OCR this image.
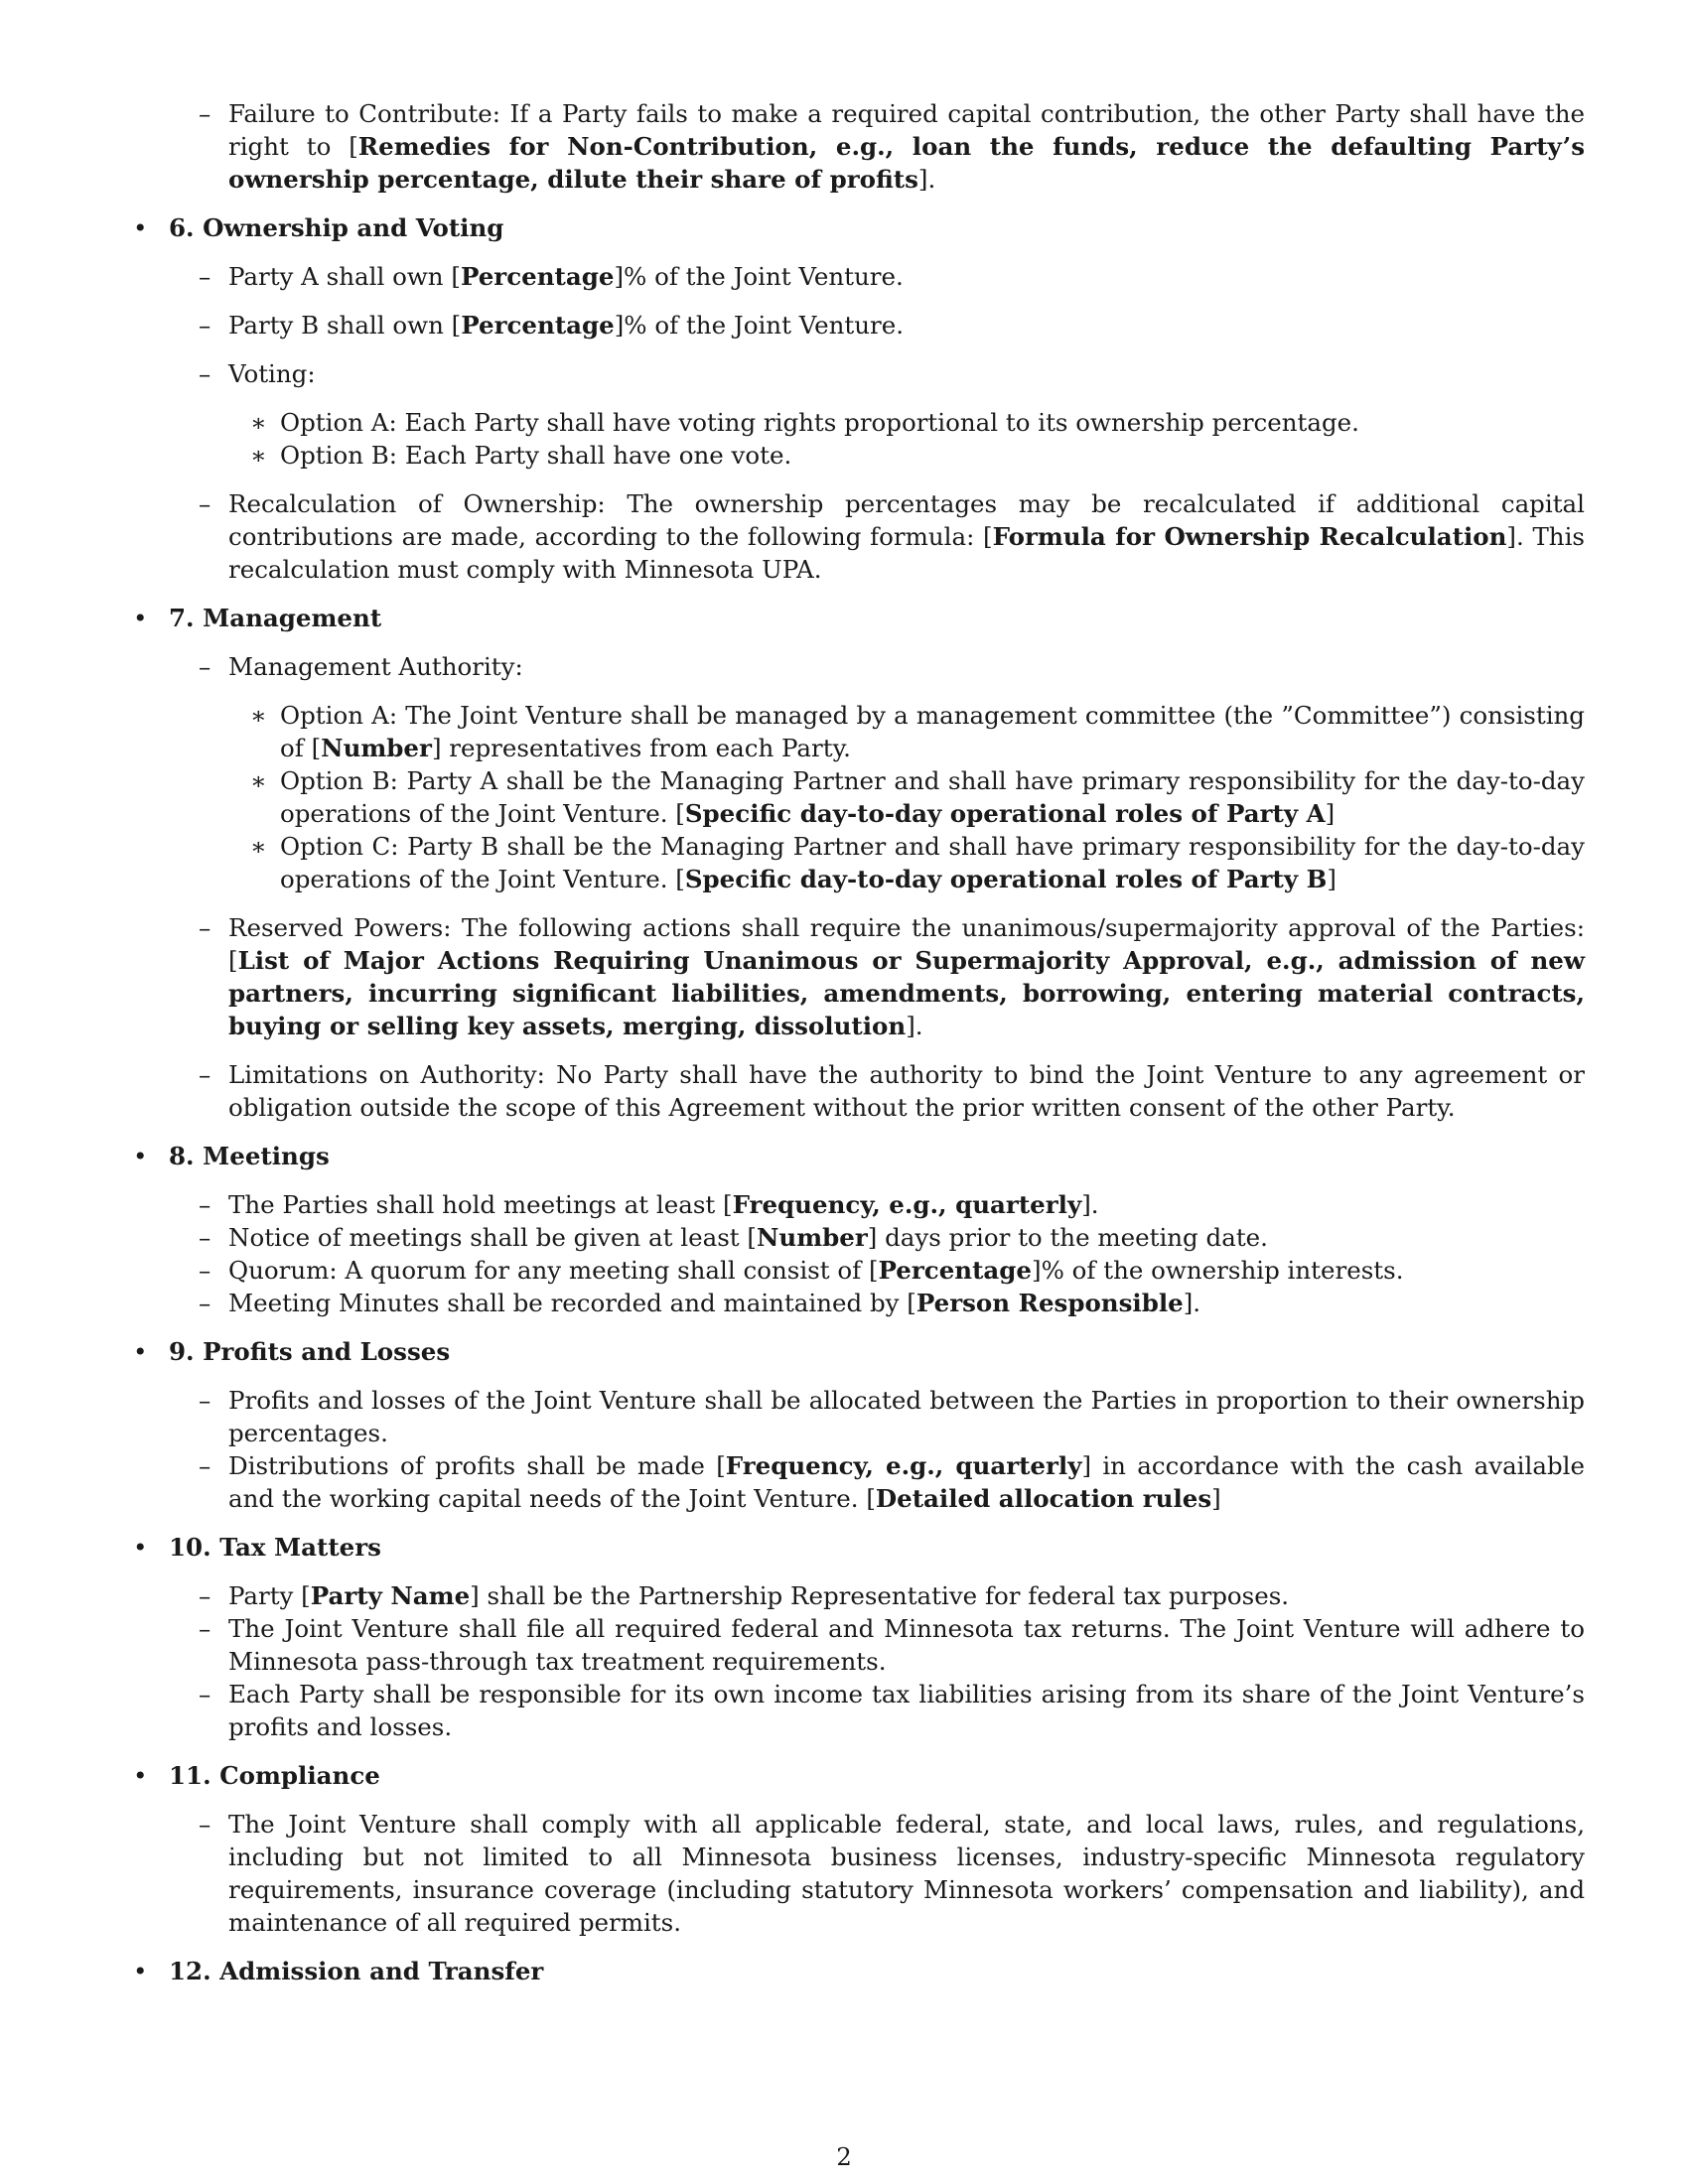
– Failure to Contribute: If a Party fails to make a required capital contribution, the other Party shall have the right to [Remedies for Non-Contribution, e.g., loan the funds, reduce the defaulting Party’s ownership percentage, dilute their share of profits].
• 6. Ownership and Voting
– Party A shall own [Percentage]% of the Joint Venture.
– Party B shall own [Percentage]% of the Joint Venture.
– Voting:
∗ Option A: Each Party shall have voting rights proportional to its ownership percentage.
∗ Option B: Each Party shall have one vote.
– Recalculation of Ownership: The ownership percentages may be recalculated if additional capital contributions are made, according to the following formula: [Formula for Ownership Recalculation]. This recalculation must comply with Minnesota UPA.
• 7. Management
– Management Authority:
∗ Option A: The Joint Venture shall be managed by a management committee (the ”Committee”) consisting of [Number] representatives from each Party.
∗ Option B: Party A shall be the Managing Partner and shall have primary responsibility for the day-to-day operations of the Joint Venture. [Specific day-to-day operational roles of Party A]
∗ Option C: Party B shall be the Managing Partner and shall have primary responsibility for the day-to-day operations of the Joint Venture. [Specific day-to-day operational roles of Party B]
– Reserved Powers: The following actions shall require the unanimous/supermajority approval of the Parties: [List of Major Actions Requiring Unanimous or Supermajority Approval, e.g., admission of new partners, incurring significant liabilities, amendments, borrowing, entering material contracts, buying or selling key assets, merging, dissolution].
– Limitations on Authority: No Party shall have the authority to bind the Joint Venture to any agreement or obligation outside the scope of this Agreement without the prior written consent of the other Party.
• 8. Meetings
– The Parties shall hold meetings at least [Frequency, e.g., quarterly].
– Notice of meetings shall be given at least [Number] days prior to the meeting date.
– Quorum: A quorum for any meeting shall consist of [Percentage]% of the ownership interests.
– Meeting Minutes shall be recorded and maintained by [Person Responsible].
• 9. Profits and Losses
– Profits and losses of the Joint Venture shall be allocated between the Parties in proportion to their ownership percentages.
– Distributions of profits shall be made [Frequency, e.g., quarterly] in accordance with the cash available and the working capital needs of the Joint Venture. [Detailed allocation rules]
• 10. Tax Matters
– Party [Party Name] shall be the Partnership Representative for federal tax purposes.
– The Joint Venture shall file all required federal and Minnesota tax returns. The Joint Venture will adhere to Minnesota pass-through tax treatment requirements.
– Each Party shall be responsible for its own income tax liabilities arising from its share of the Joint Venture’s profits and losses.
• 11. Compliance
– The Joint Venture shall comply with all applicable federal, state, and local laws, rules, and regulations, including but not limited to all Minnesota business licenses, industry-specific Minnesota regulatory requirements, insurance coverage (including statutory Minnesota workers’ compensation and liability), and maintenance of all required permits.
• 12. Admission and Transfer
2
